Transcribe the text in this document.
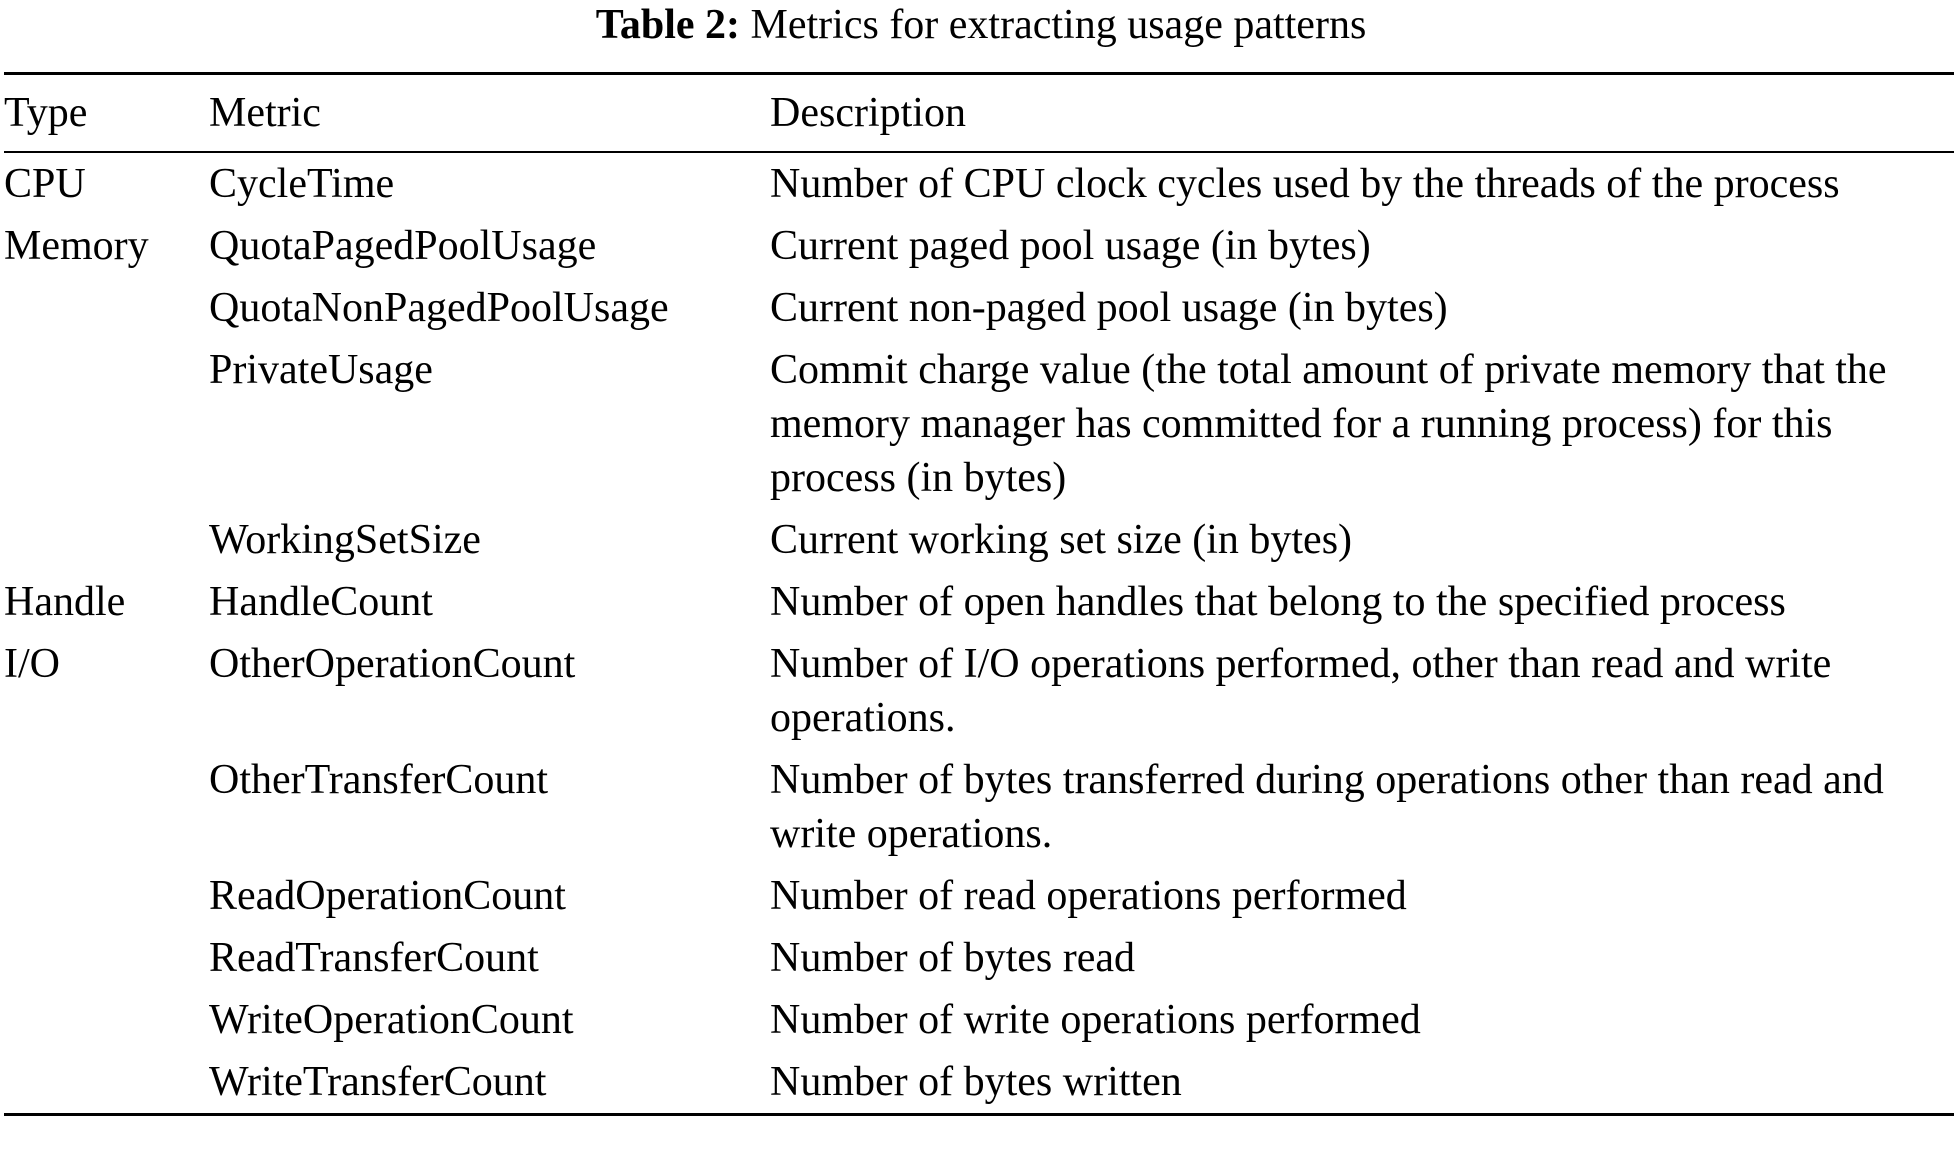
Table 2: Metrics for extracting usage patterns
Type	Metric	Description
CPU	CycleTime	Number of CPU clock cycles used by the threads of the process
Memory	QuotaPagedPoolUsage	Current paged pool usage (in bytes)
	QuotaNonPagedPoolUsage	Current non-paged pool usage (in bytes)
	PrivateUsage	Commit charge value (the total amount of private memory that the memory manager has committed for a running process) for this process (in bytes)
	WorkingSetSize	Current working set size (in bytes)
Handle	HandleCount	Number of open handles that belong to the specified process
I/O	OtherOperationCount	Number of I/O operations performed, other than read and write operations.
	OtherTransferCount	Number of bytes transferred during operations other than read and write operations.
	ReadOperationCount	Number of read operations performed
	ReadTransferCount	Number of bytes read
	WriteOperationCount	Number of write operations performed
	WriteTransferCount	Number of bytes written
